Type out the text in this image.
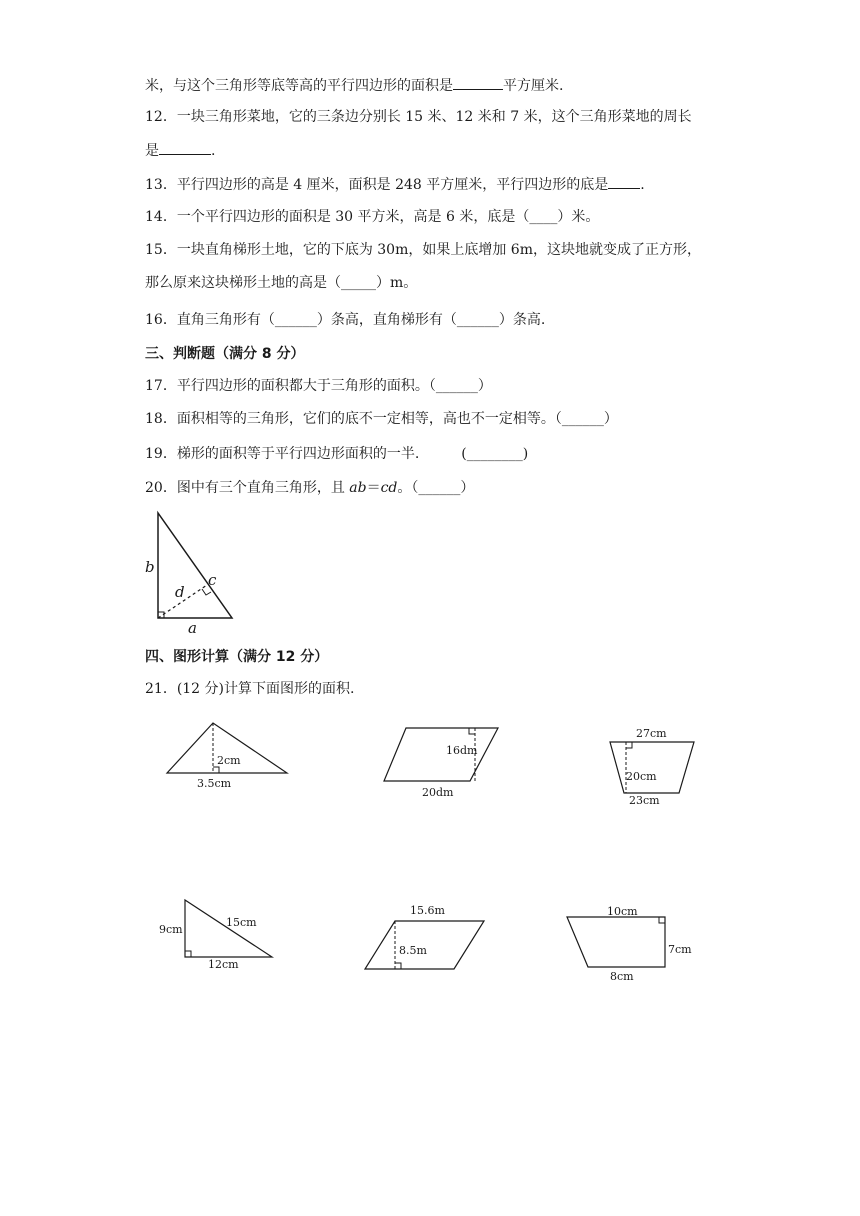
米，与这个三角形等底等高的平行四边形的面积是	平方厘米.
12．一块三角形菜地，它的三条边分别长 15 米、12 米和 7 米，这个三角形菜地的周长
是	.
13．平行四边形的高是 4 厘米，面积是 248 平方厘米，平行四边形的底是 .
14．一个平行四边形的面积是 30 平方米，高是 6 米，底是（____）米。
15．一块直角梯形土地，它的下底为 30m，如果上底增加 6m，这块地就变成了正方形，
那么原来这块梯形土地的高是（_____）m。
16．直角三角形有（______）条高，直角梯形有（______）条高.
三、判断题（满分 8 分）
17．平行四边形的面积都大于三角形的面积。（______）
18．面积相等的三角形，它们的底不一定相等，高也不一定相等。（______）
19．梯形的面积等于平行四边形面积的一半.	(________)
20．图中有三个直角三角形，且 ab＝cd。（______）
b
d
c
a
四、图形计算（满分 12 分）
21．(12 分)计算下面图形的面积.
2cm
3.5cm
16dm
20dm
27cm
20cm
23cm
9cm
15cm
12cm
15.6m
8.5m
10cm
7cm
8cm
